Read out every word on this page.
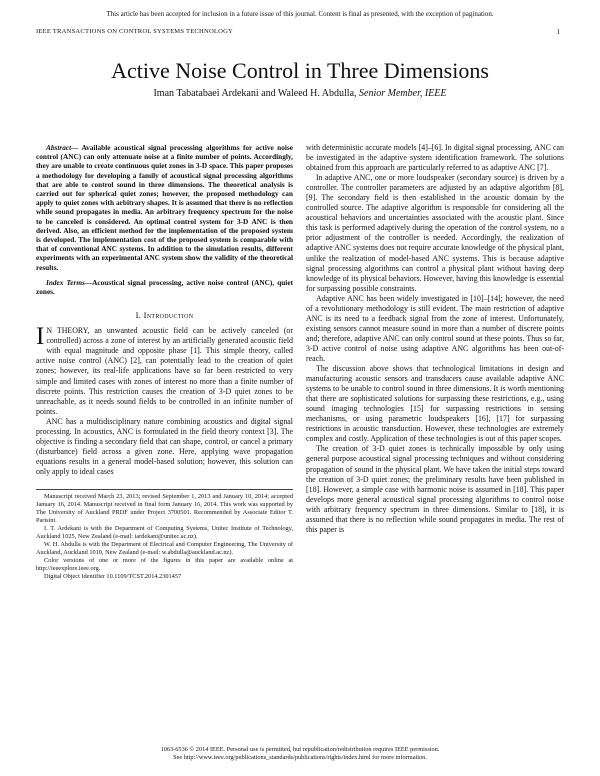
This article has been accepted for inclusion in a future issue of this journal. Content is final as presented, with the exception of pagination.
IEEE TRANSACTIONS ON CONTROL SYSTEMS TECHNOLOGY	1
Active Noise Control in Three Dimensions
Iman Tabatabaei Ardekani and Waleed H. Abdulla, Senior Member, IEEE

Abstract— Available acoustical signal processing algorithms for active noise control (ANC) can only attenuate noise at a finite number of points. Accordingly, they are unable to create continuous quiet zones in 3-D space. This paper proposes a methodology for developing a family of acoustical signal processing algorithms that are able to control sound in three dimensions. The theoretical analysis is carried out for spherical quiet zones; however, the proposed methodology can apply to quiet zones with arbitrary shapes. It is assumed that there is no reflection while sound propagates in media. An arbitrary frequency spectrum for the noise to be canceled is considered. An optimal control system for 3-D ANC is then derived. Also, an efficient method for the implementation of the proposed system is developed. The implementation cost of the proposed system is comparable with that of conventional ANC systems. In addition to the simulation results, different experiments with an experimental ANC system show the validity of the theoretical results.

Index Terms—Acoustical signal processing, active noise control (ANC), quiet zones.

I. Introduction

I N THEORY, an unwanted acoustic field can be actively canceled (or controlled) across a zone of interest by an artificially generated acoustic field with equal magnitude and opposite phase [1]. This simple theory, called active noise control (ANC) [2], can potentially lead to the creation of quiet zones; however, its real-life applications have so far been restricted to very simple and limited cases with zones of interest no more than a finite number of discrete points. This restriction causes the creation of 3-D quiet zones to be unreachable, as it needs sound fields to be controlled in an infinite number of points.

ANC has a multidisciplinary nature combining acoustics and digital signal processing. In acoustics, ANC is formulated in the field theory context [3]. The objective is finding a secondary field that can shape, control, or cancel a primary (disturbance) field across a given zone. Here, applying wave propagation equations results in a general model-based solution; however, this solution can only apply to ideal cases

Manuscript received March 23, 2013; revised September 1, 2013 and January 10, 2014; accepted January 16, 2014. Manuscript received in final form January 16, 2014. This work was supported by The University of Auckland PRDF under Project 3700501. Recommended by Associate Editor T. Parisini.

I. T. Ardekani is with the Department of Computing Systems, Unitec Institute of Technology, Auckland 1025, New Zealand (e-mail: iardekani@unitec.ac.nz).

W. H. Abdulla is with the Department of Electrical and Computer Engineering, The University of Auckland, Auckland 1010, New Zealand (e-mail: w.abdulla@auckland.ac.nz).

Color versions of one or more of the figures in this paper are available online at http://ieeexplore.ieee.org.

Digital Object Identifier 10.1109/TCST.2014.2301457

with deterministic accurate models [4]–[6]. In digital signal processing, ANC can be investigated in the adaptive system identification framework. The solutions obtained from this approach are particularly referred to as adaptive ANC [7].

In adaptive ANC, one or more loudspeaker (secondary source) is driven by a controller. The controller parameters are adjusted by an adaptive algorithm [8], [9]. The secondary field is then established in the acoustic domain by the controlled source. The adaptive algorithm is responsible for considering all the acoustical behaviors and uncertainties associated with the acoustic plant. Since this task is performed adaptively during the operation of the control system, no a prior adjustment of the controller is needed. Accordingly, the realization of adaptive ANC systems does not require accurate knowledge of the physical plant, unlike the realization of model-based ANC systems. This is because adaptive signal processing algorithms can control a physical plant without having deep knowledge of its physical behaviors. However, having this knowledge is essential for surpassing possible constraints.

Adaptive ANC has been widely investigated in [10]–[14]; however, the need of a revolutionary methodology is still evident. The main restriction of adaptive ANC is its need to a feedback signal from the zone of interest. Unfortunately, existing sensors cannot measure sound in more than a number of discrete points and; therefore, adaptive ANC can only control sound at these points. Thus so far, 3-D active control of noise using adaptive ANC algorithms has been out-of-reach.

The discussion above shows that technological limitations in design and manufacturing acoustic sensors and transducers cause available adaptive ANC systems to be unable to control sound in three dimensions. It is worth mentioning that there are sophisticated solutions for surpassing these restrictions, e.g., using sound imaging technologies [15] for surpassing restrictions in sensing mechanisms, or using parametric loudspeakers [16], [17] for surpassing restrictions in acoustic transduction. However, these technologies are extremely complex and costly. Application of these technologies is out of this paper scopes.

The creation of 3-D quiet zones is technically impossible by only using general purpose acoustical signal processing techniques and without considering propagation of sound in the physical plant. We have taken the initial steps toward the creation of 3-D quiet zones; the preliminary results have been published in [18]. However, a simple case with harmonic noise is assumed in [18]. This paper develops more general acoustical signal processing algorithms to control noise with arbitrary frequency spectrum in three dimensions. Similar to [18], it is assumed that there is no reflection while sound propagates in media. The rest of this paper is

1063-6536 © 2014 IEEE. Personal use is permitted, but republication/redistribution requires IEEE permission.
See http://www.ieee.org/publications_standards/publications/rights/index.html for more information.
